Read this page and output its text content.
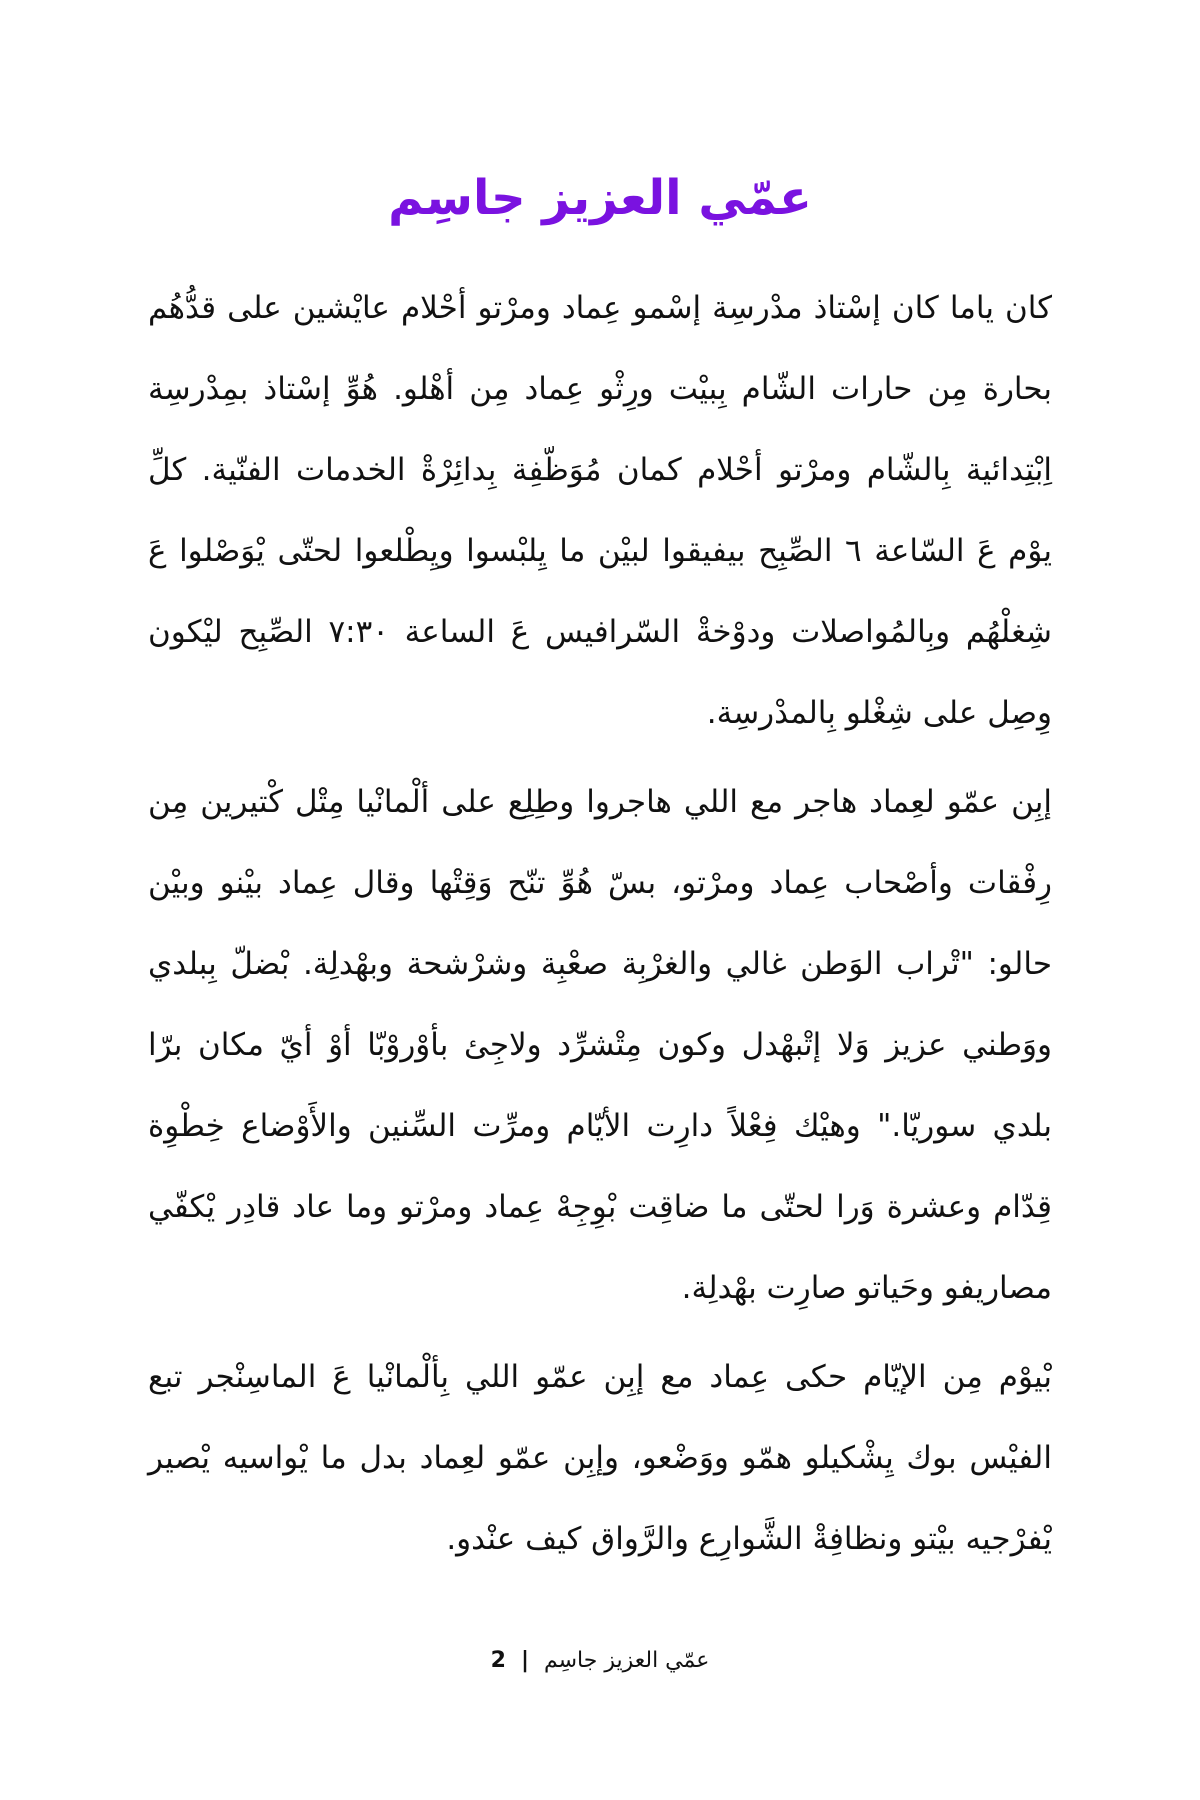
عمّي العزيز جاسِم

كان ياما كان إسْتاذ مدْرسِة إسْمو عِماد ومرْتو أحْلام عايْشين على قدُّهُم بحارة مِن حارات الشّام بِبيْت ورِثْو عِماد مِن أهْلو. هُوِّ إسْتاذ بمِدْرسِة اِبْتِدائية بِالشّام ومرْتو أحْلام كمان مُوَظّفِة بِدائِرْةْ الخدمات الفنّية. كلِّ يوْم عَ السّاعة ٦ الصِّبِح بيفيقوا لبيْن ما يِلبْسوا ويِطْلعوا لحتّى يْوَصْلوا عَ شِغلْهُم وبِالمُواصلات ودوْخةْ السّرافيس عَ الساعة ٧:٣٠ الصِّبِح ليْكون وِصِل على شِغْلو بِالمدْرسِة.

إبِن عمّو لعِماد هاجر مع اللي هاجروا وطِلِع على ألْمانْيا مِتْل كْتيرين مِن رِفْقات وأصْحاب عِماد ومرْتو، بسّ هُوِّ تنّح وَقِتْها وقال عِماد بيْنو وبيْن حالو: "تْراب الوَطن غالي والغرْبِة صعْبِة وشرْشحة وبهْدلِة. بْضلّ بِبلدي ووَطني عزيز وَلا إتْبهْدل وكون مِتْشرِّد ولاجِئ بأوْروْبّا أوْ أيّ مكان برّا بلدي سوريّا." وهيْك فِعْلاً دارِت الأيّام ومرِّت السِّنين والأَوْضاع خِطْوِة قِدّام وعشرة وَرا لحتّى ما ضاقِت بْوِجِهْ عِماد ومرْتو وما عاد قادِر يْكفّي مصاريفو وحَياتو صارِت بهْدلِة.

بْيوْم مِن الإيّام حكى عِماد مع إبِن عمّو اللي بِألْمانْيا عَ الماسِنْجر تبع الفيْس بوك يِشْكيلو همّو ووَضْعو، وإبِن عمّو لعِماد بدل ما يْواسيه يْصير يْفرْجيه بيْتو ونظافِةْ الشَّوارِع والرَّواق كيف عنْدو.

عمّي العزيز جاسِم | 2
